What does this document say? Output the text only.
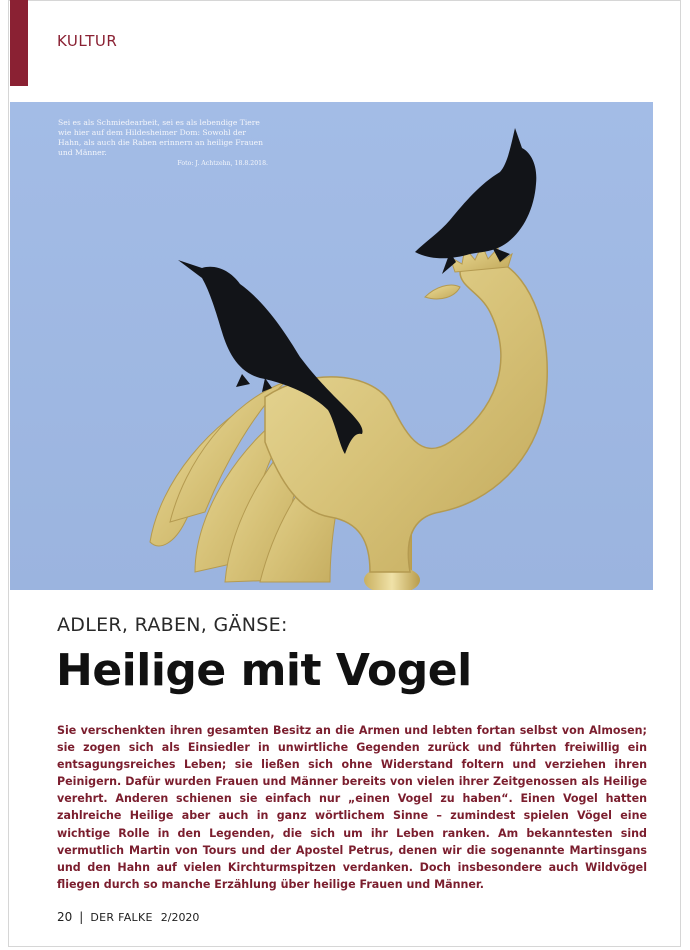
KULTUR
Sei es als Schmiedearbeit, sei es als lebendige Tiere wie hier auf dem Hildesheimer Dom: Sowohl der Hahn, als auch die Raben erinnern an heilige Frauen und Männer.
Foto: J. Achtzehn, 18.8.2018.
ADLER, RABEN, GÄNSE:
Heilige mit Vogel

Sie verschenkten ihren gesamten Besitz an die Armen und lebten fortan selbst von Almosen; sie zogen sich als Einsiedler in unwirtliche Gegenden zurück und führten freiwillig ein entsagungsreiches Leben; sie ließen sich ohne Widerstand foltern und verziehen ihren Peinigern. Dafür wurden Frauen und Männer bereits von vielen ihrer Zeitgenossen als Heilige verehrt. Anderen schienen sie einfach nur „einen Vogel zu haben“. Einen Vogel hatten zahlreiche Heilige aber auch in ganz wörtlichem Sinne – zumindest spielen Vögel eine wichtige Rolle in den Legenden, die sich um ihr Leben ranken. Am bekanntesten sind vermutlich Martin von Tours und der Apostel Petrus, denen wir die sogenannte Martinsgans und den Hahn auf vielen Kirchturmspitzen verdanken. Doch insbesondere auch Wildvögel fliegen durch so manche Erzählung über heilige Frauen und Männer.

20 | DER FALKE 2/2020
